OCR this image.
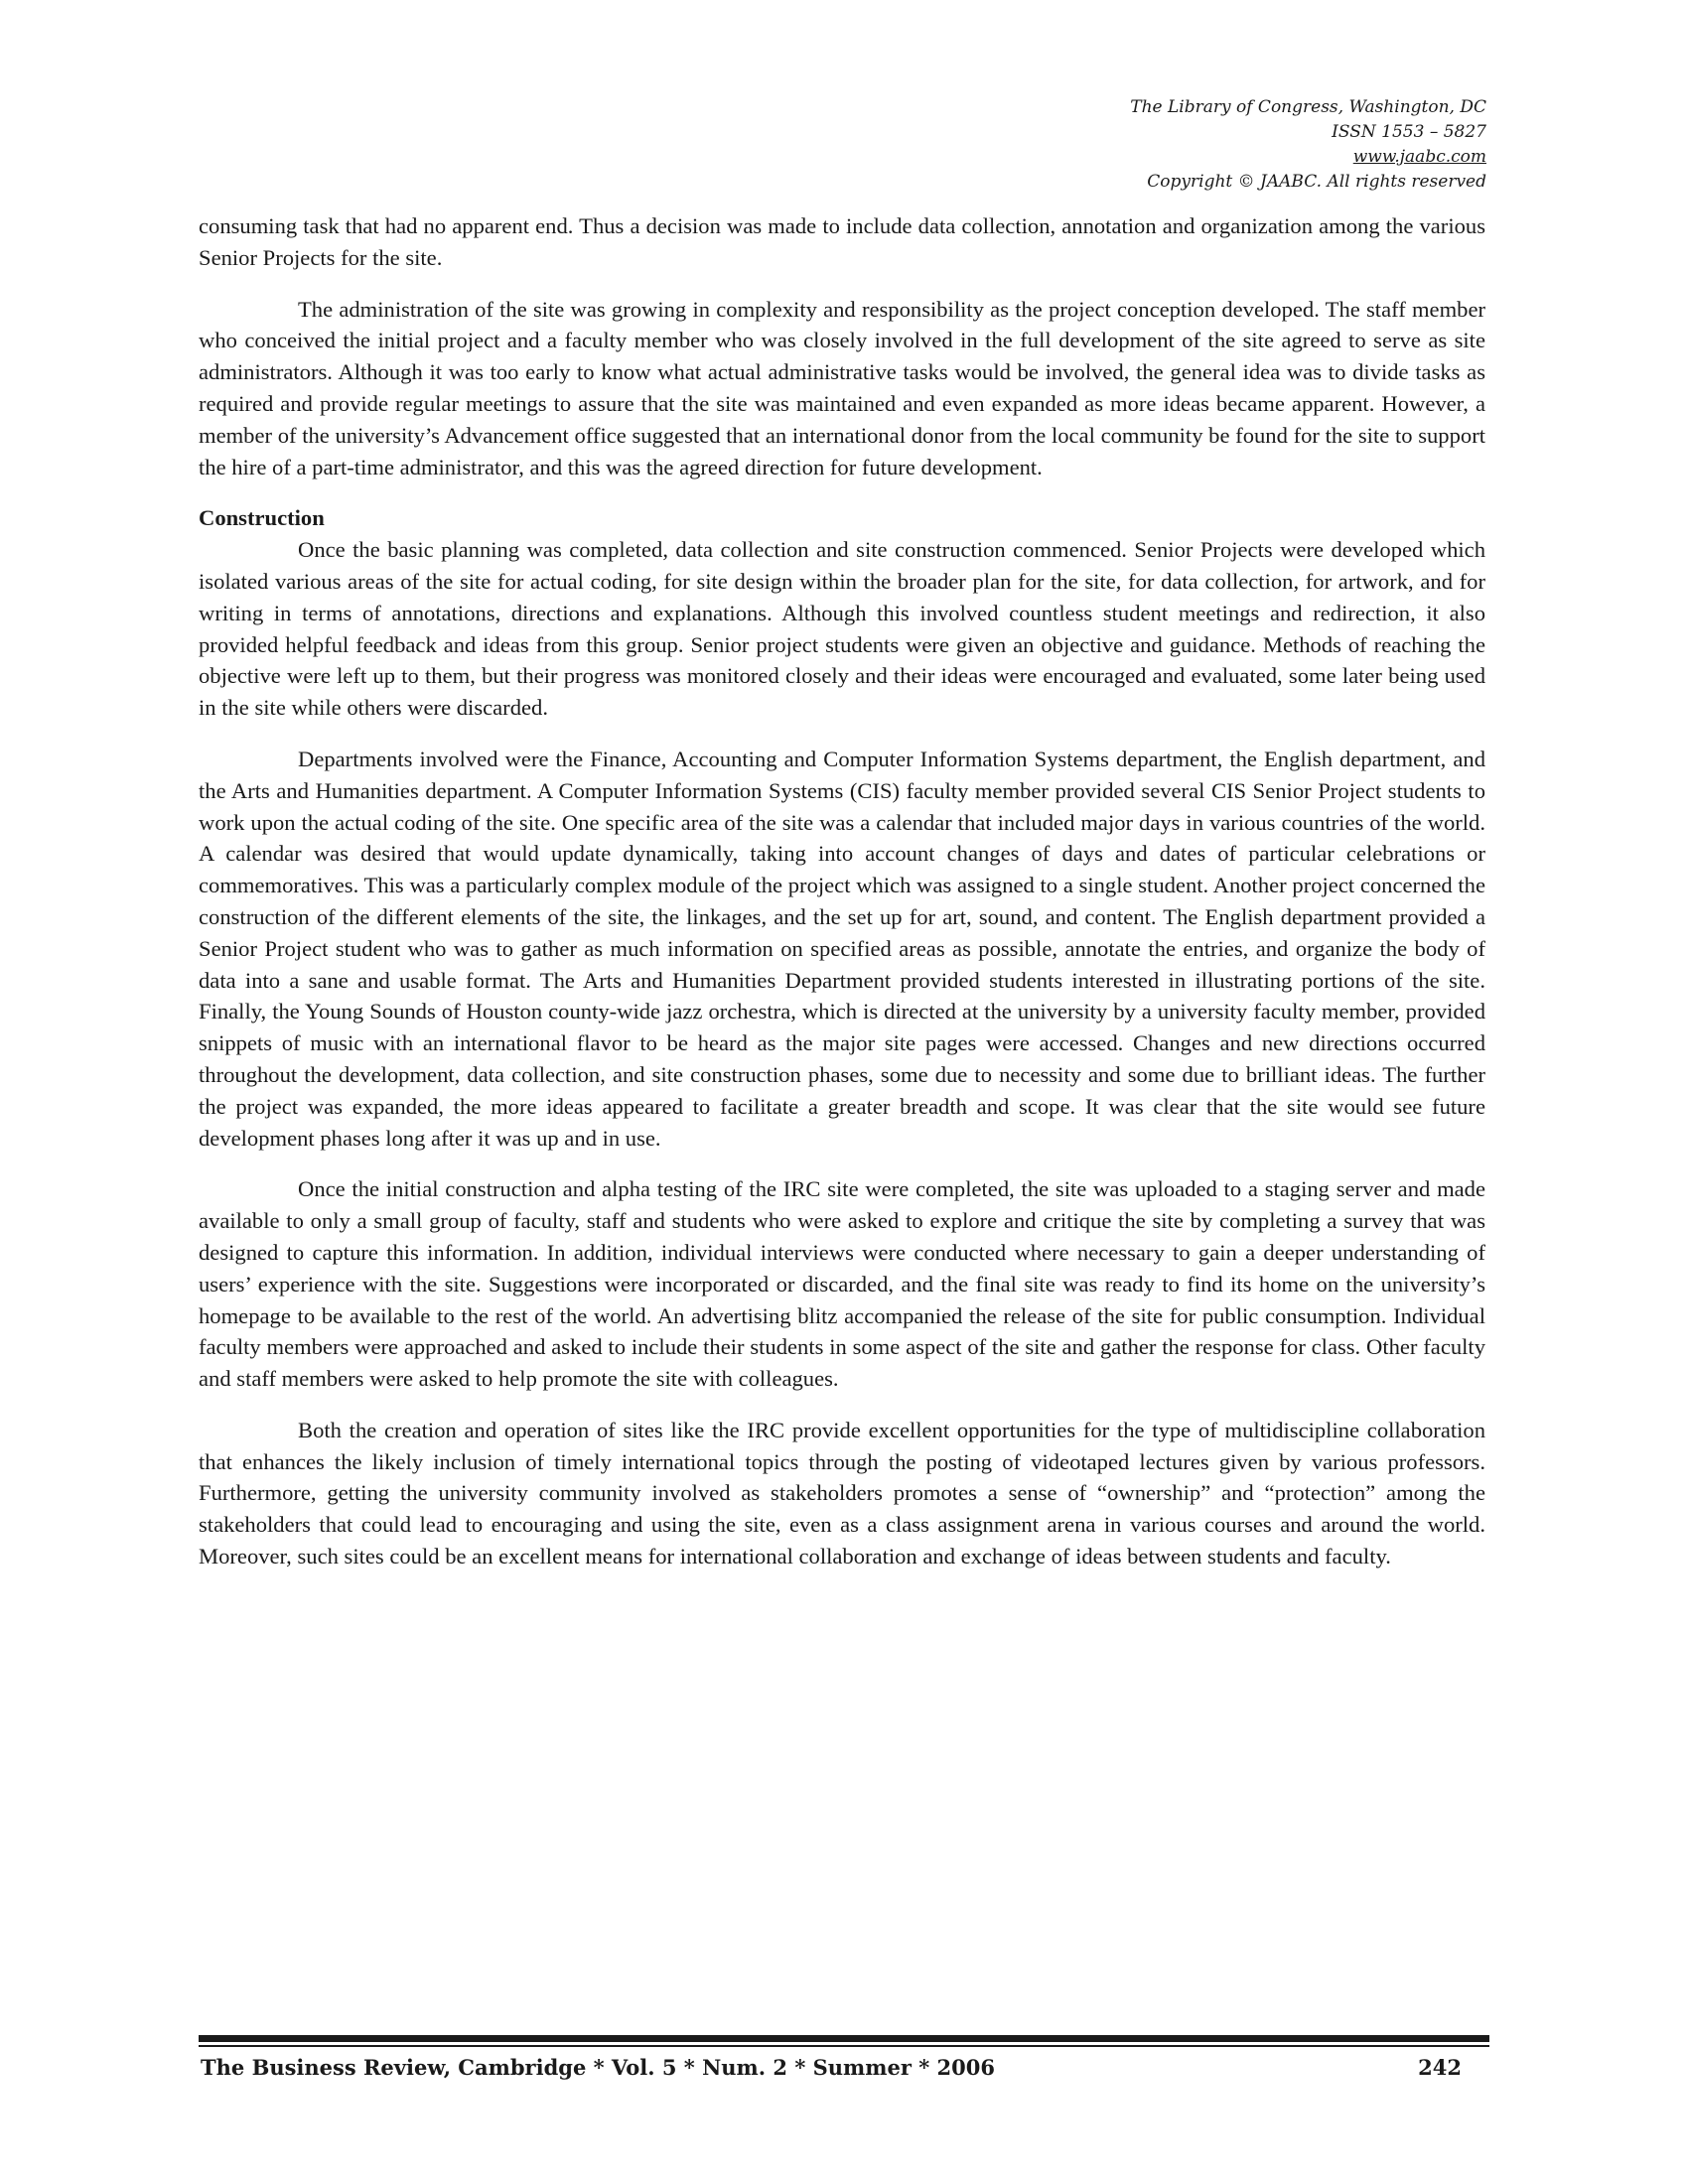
The Library of Congress, Washington, DC
ISSN 1553 – 5827
www.jaabc.com
Copyright © JAABC. All rights reserved

consuming task that had no apparent end. Thus a decision was made to include data collection, annotation and organization among the various Senior Projects for the site.

The administration of the site was growing in complexity and responsibility as the project conception developed. The staff member who conceived the initial project and a faculty member who was closely involved in the full development of the site agreed to serve as site administrators. Although it was too early to know what actual administrative tasks would be involved, the general idea was to divide tasks as required and provide regular meetings to assure that the site was maintained and even expanded as more ideas became apparent. However, a member of the university’s Advancement office suggested that an international donor from the local community be found for the site to support the hire of a part-time administrator, and this was the agreed direction for future development.

Construction

Once the basic planning was completed, data collection and site construction commenced. Senior Projects were developed which isolated various areas of the site for actual coding, for site design within the broader plan for the site, for data collection, for artwork, and for writing in terms of annotations, directions and explanations. Although this involved countless student meetings and redirection, it also provided helpful feedback and ideas from this group. Senior project students were given an objective and guidance. Methods of reaching the objective were left up to them, but their progress was monitored closely and their ideas were encouraged and evaluated, some later being used in the site while others were discarded.

Departments involved were the Finance, Accounting and Computer Information Systems department, the English department, and the Arts and Humanities department. A Computer Information Systems (CIS) faculty member provided several CIS Senior Project students to work upon the actual coding of the site. One specific area of the site was a calendar that included major days in various countries of the world. A calendar was desired that would update dynamically, taking into account changes of days and dates of particular celebrations or commemoratives. This was a particularly complex module of the project which was assigned to a single student. Another project concerned the construction of the different elements of the site, the linkages, and the set up for art, sound, and content. The English department provided a Senior Project student who was to gather as much information on specified areas as possible, annotate the entries, and organize the body of data into a sane and usable format. The Arts and Humanities Department provided students interested in illustrating portions of the site. Finally, the Young Sounds of Houston county-wide jazz orchestra, which is directed at the university by a university faculty member, provided snippets of music with an international flavor to be heard as the major site pages were accessed. Changes and new directions occurred throughout the development, data collection, and site construction phases, some due to necessity and some due to brilliant ideas. The further the project was expanded, the more ideas appeared to facilitate a greater breadth and scope. It was clear that the site would see future development phases long after it was up and in use.

Once the initial construction and alpha testing of the IRC site were completed, the site was uploaded to a staging server and made available to only a small group of faculty, staff and students who were asked to explore and critique the site by completing a survey that was designed to capture this information. In addition, individual interviews were conducted where necessary to gain a deeper understanding of users’ experience with the site. Suggestions were incorporated or discarded, and the final site was ready to find its home on the university’s homepage to be available to the rest of the world. An advertising blitz accompanied the release of the site for public consumption. Individual faculty members were approached and asked to include their students in some aspect of the site and gather the response for class. Other faculty and staff members were asked to help promote the site with colleagues.

Both the creation and operation of sites like the IRC provide excellent opportunities for the type of multidiscipline collaboration that enhances the likely inclusion of timely international topics through the posting of videotaped lectures given by various professors. Furthermore, getting the university community involved as stakeholders promotes a sense of “ownership” and “protection” among the stakeholders that could lead to encouraging and using the site, even as a class assignment arena in various courses and around the world. Moreover, such sites could be an excellent means for international collaboration and exchange of ideas between students and faculty.

The Business Review, Cambridge * Vol. 5 * Num. 2 * Summer * 2006	242
